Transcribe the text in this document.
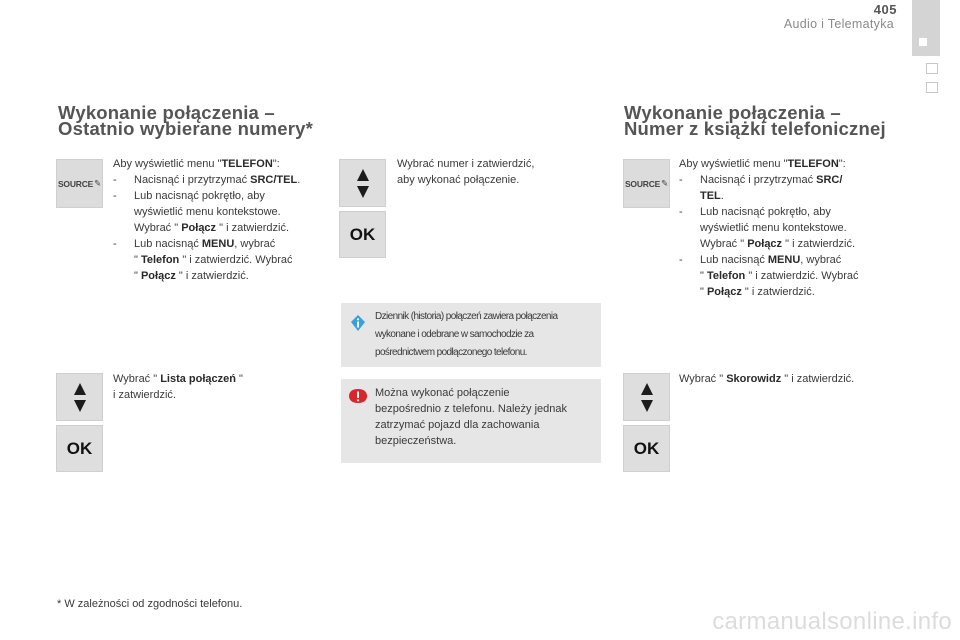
405
Audio i Telematyka
Wykonanie połączenia –
Ostatnio wybierane numery*
SOURCE ✎
Aby wyświetlić menu "TELEFON":
- Nacisnąć i przytrzymać SRC/TEL.
- Lub nacisnąć pokrętło, aby
wyświetlić menu kontekstowe.
Wybrać " Połącz " i zatwierdzić.
- Lub nacisnąć MENU, wybrać
" Telefon " i zatwierdzić. Wybrać
" Połącz " i zatwierdzić.
Wybrać " Lista połączeń "
i zatwierdzić.
OK
* W zależności od zgodności telefonu.
OK
Wybrać numer i zatwierdzić,
aby wykonać połączenie.
Dziennik (historia) połączeń zawiera połączenia
wykonane i odebrane w samochodzie za
pośrednictwem podłączonego telefonu.
Można wykonać połączenie
bezpośrednio z telefonu. Należy jednak
zatrzymać pojazd dla zachowania
bezpieczeństwa.
Wykonanie połączenia –
Numer z książki telefonicznej
SOURCE ✎
Aby wyświetlić menu "TELEFON":
- Nacisnąć i przytrzymać SRC/
TEL.
- Lub nacisnąć pokrętło, aby
wyświetlić menu kontekstowe.
Wybrać " Połącz " i zatwierdzić.
- Lub nacisnąć MENU, wybrać
" Telefon " i zatwierdzić. Wybrać
" Połącz " i zatwierdzić.
Wybrać " Skorowidz " i zatwierdzić.
OK
carmanualsonline.info
